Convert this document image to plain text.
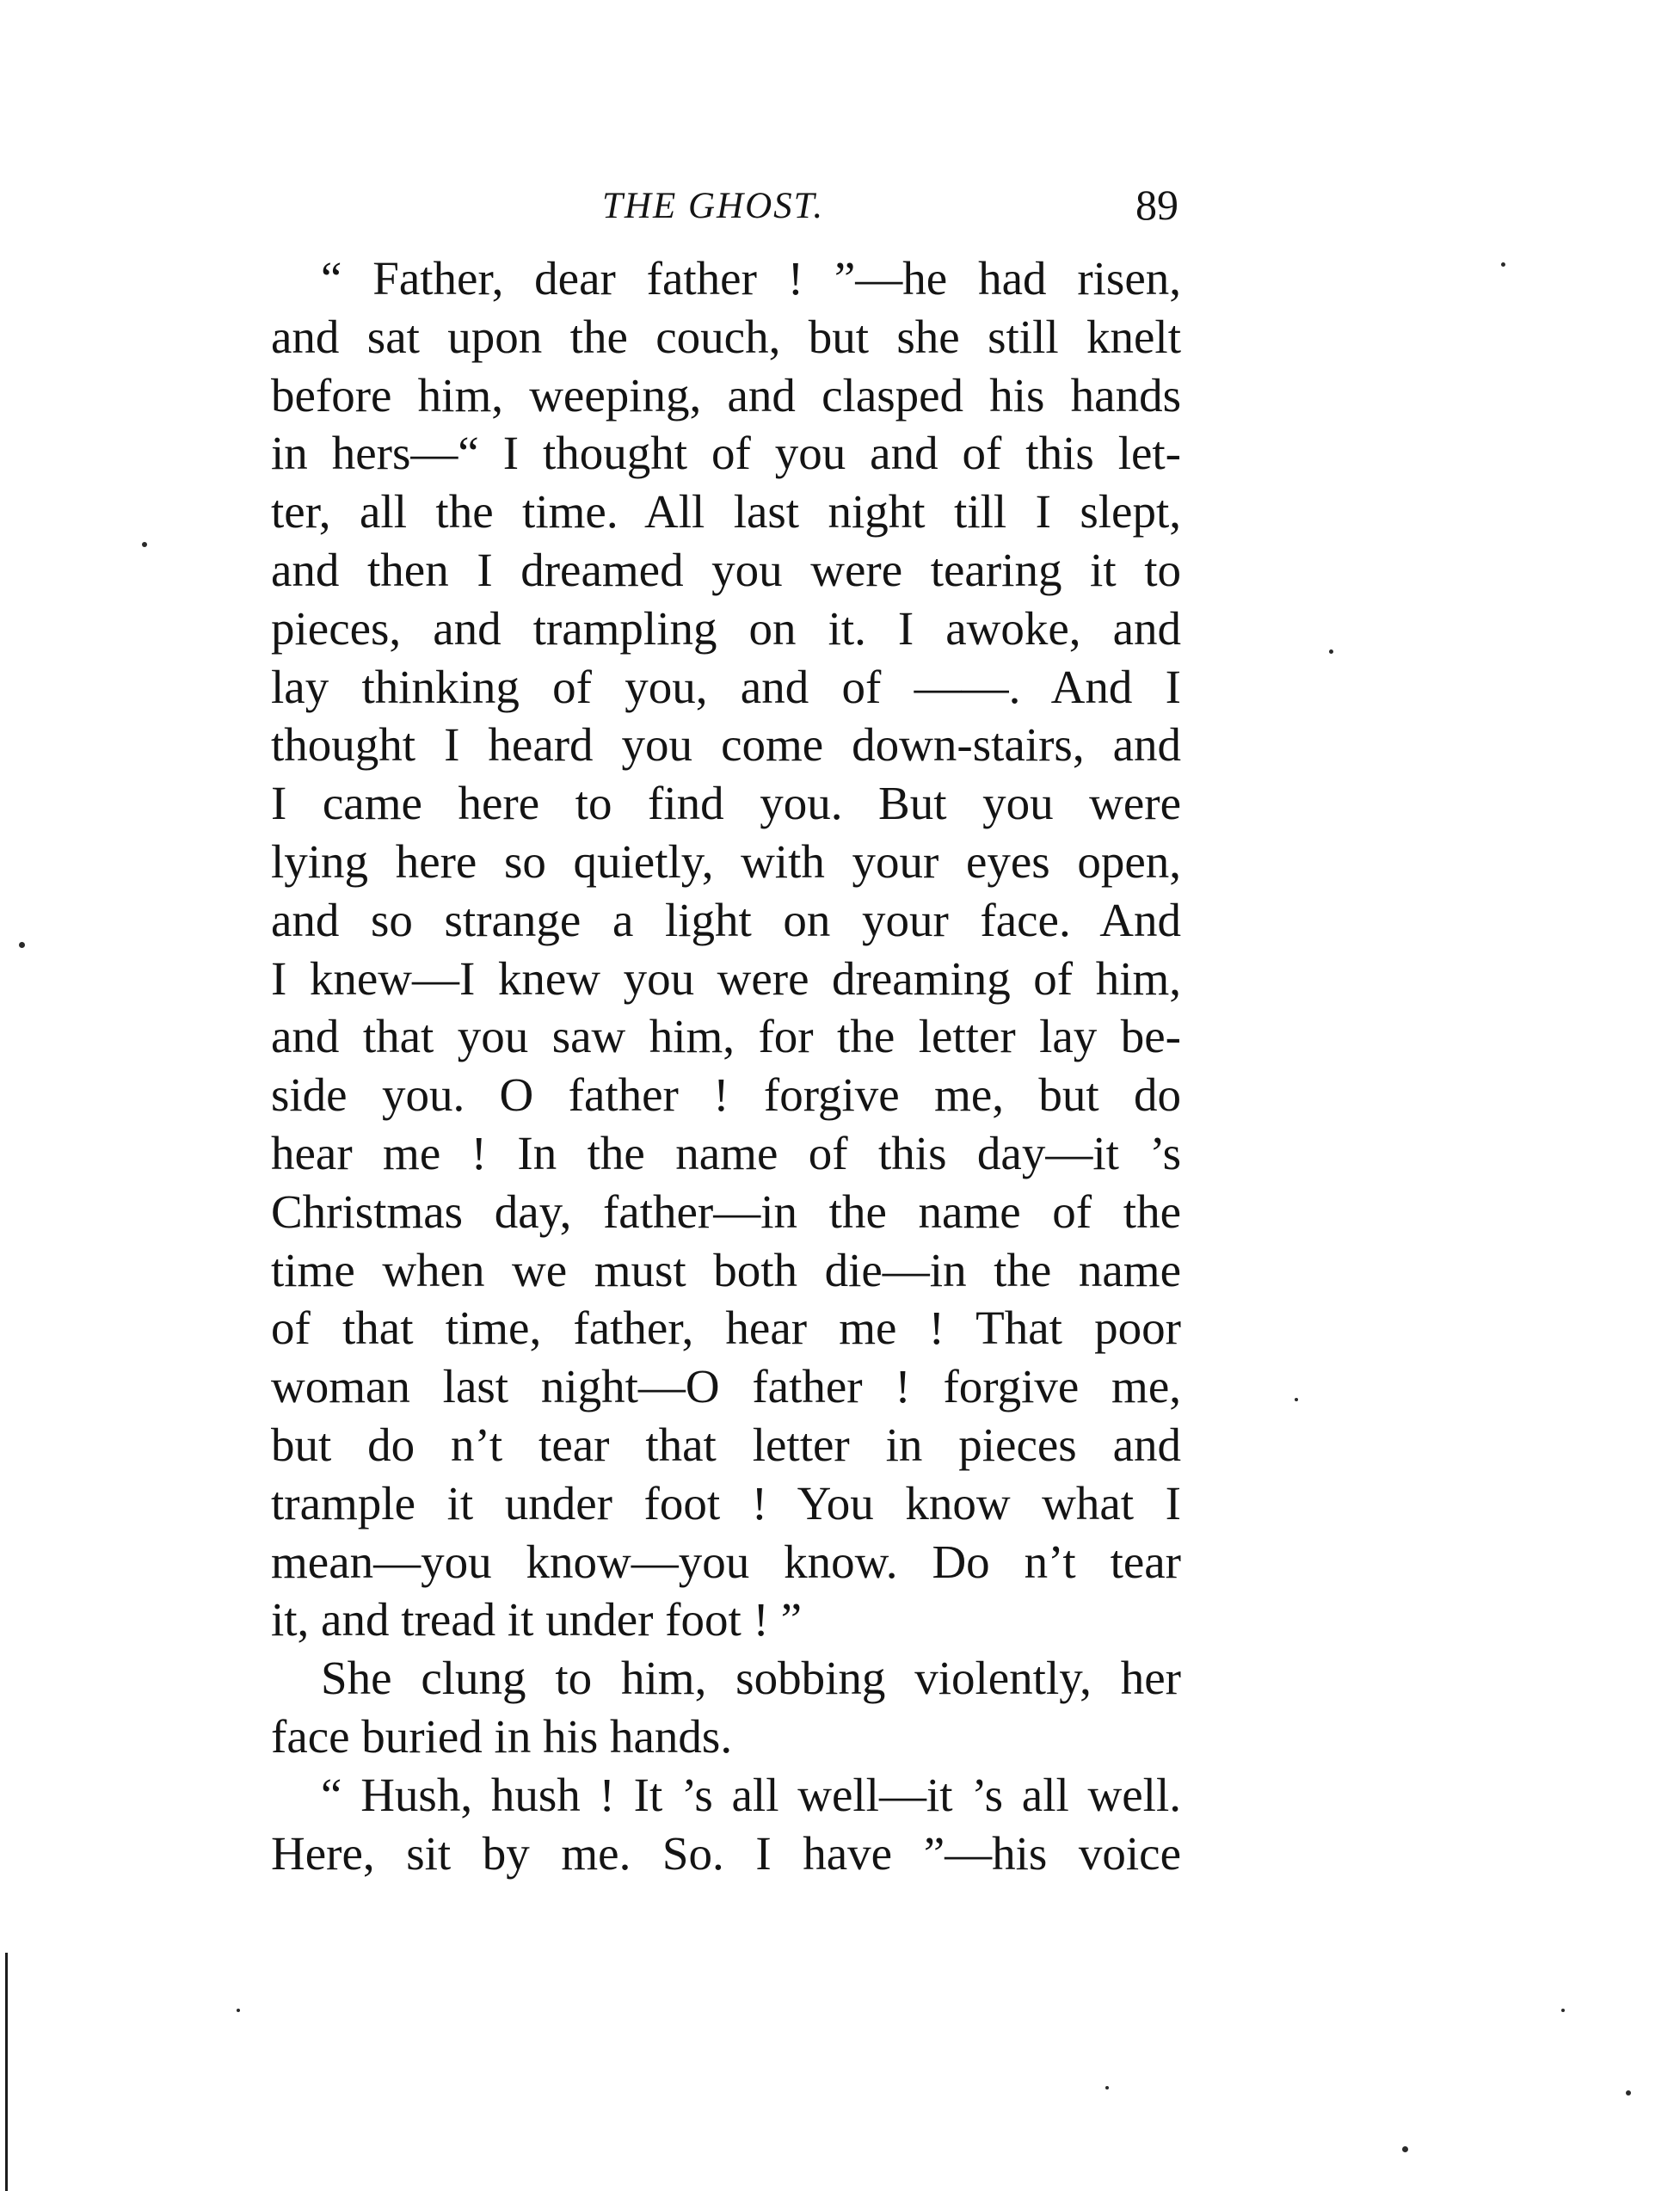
THE GHOST.	89
“ Father, dear father ! ”—he had risen,
and sat upon the couch, but she still knelt
before him, weeping, and clasped his hands
in hers—“ I thought of you and of this let-
ter, all the time. All last night till I slept,
and then I dreamed you were tearing it to
pieces, and trampling on it. I awoke, and
lay thinking of you, and of ——. And I
thought I heard you come down-stairs, and
I came here to find you. But you were
lying here so quietly, with your eyes open,
and so strange a light on your face. And
I knew—I knew you were dreaming of him,
and that you saw him, for the letter lay be-
side you. O father ! forgive me, but do
hear me ! In the name of this day—it ’s
Christmas day, father—in the name of the
time when we must both die—in the name
of that time, father, hear me ! That poor
woman last night—O father ! forgive me,
but do n’t tear that letter in pieces and
trample it under foot ! You know what I
mean—you know—you know. Do n’t tear
it, and tread it under foot ! ”
She clung to him, sobbing violently, her
face buried in his hands.
“ Hush, hush ! It ’s all well—it ’s all well.
Here, sit by me. So. I have ”—his voice
